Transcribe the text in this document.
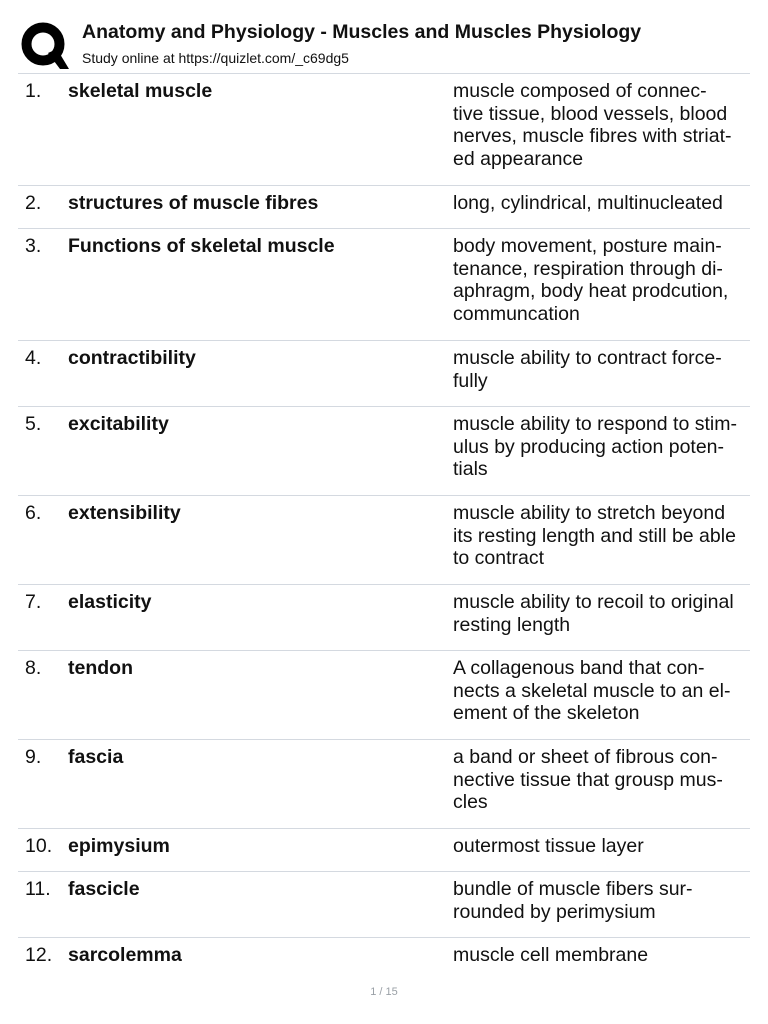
Anatomy and Physiology - Muscles and Muscles Physiology
Study online at https://quizlet.com/_c69dg5
1. skeletal muscle	muscle composed of connec-
tive tissue, blood vessels, blood
nerves, muscle fibres with striat-
ed appearance
2. structures of muscle fibres	long, cylindrical, multinucleated
3. Functions of skeletal muscle	body movement, posture main-
tenance, respiration through di-
aphragm, body heat prodcution,
communcation
4. contractibility	muscle ability to contract force-
fully
5. excitability	muscle ability to respond to stim-
ulus by producing action poten-
tials
6. extensibility	muscle ability to stretch beyond
its resting length and still be able
to contract
7. elasticity	muscle ability to recoil to original
resting length
8. tendon	A collagenous band that con-
nects a skeletal muscle to an el-
ement of the skeleton
9. fascia	a band or sheet of fibrous con-
nective tissue that grousp mus-
cles
10. epimysium	outermost tissue layer
11. fascicle	bundle of muscle fibers sur-
rounded by perimysium
12. sarcolemma	muscle cell membrane
1 / 15
